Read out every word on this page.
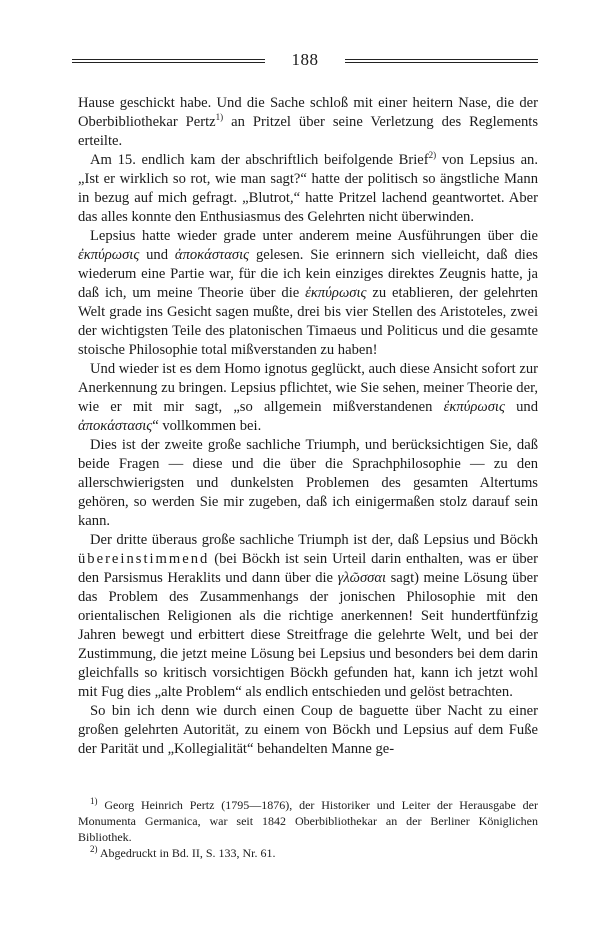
188

Hause geschickt habe. Und die Sache schloß mit einer heitern Nase, die der Oberbibliothekar Pertz$^{1)}$ an Pritzel über seine Verletzung des Reglements erteilte.

Am 15. endlich kam der abschriftlich beifolgende Brief$^{2)}$ von Lepsius an. „Ist er wirklich so rot, wie man sagt?“ hatte der politisch so ängstliche Mann in bezug auf mich gefragt. „Blutrot,“ hatte Pritzel lachend geantwortet. Aber das alles konnte den Enthusiasmus des Gelehrten nicht überwinden.

Lepsius hatte wieder grade unter anderem meine Ausführungen über die ἐκπύρωσις und ἀποκάστασις gelesen. Sie erinnern sich vielleicht, daß dies wiederum eine Partie war, für die ich kein einziges direktes Zeugnis hatte, ja daß ich, um meine Theorie über die ἐκπύρωσις zu etablieren, der gelehrten Welt grade ins Gesicht sagen mußte, drei bis vier Stellen des Aristoteles, zwei der wichtigsten Teile des platonischen Timaeus und Politicus und die gesamte stoische Philosophie total mißverstanden zu haben!

Und wieder ist es dem Homo ignotus geglückt, auch diese Ansicht sofort zur Anerkennung zu bringen. Lepsius pflichtet, wie Sie sehen, meiner Theorie der, wie er mit mir sagt, „so allgemein mißverstandenen ἐκπύρωσις und ἀποκάστασις“ vollkommen bei.

Dies ist der zweite große sachliche Triumph, und berücksichtigen Sie, daß beide Fragen — diese und die über die Sprachphilosophie — zu den allerschwierigsten und dunkelsten Problemen des gesamten Altertums gehören, so werden Sie mir zugeben, daß ich einigermaßen stolz darauf sein kann.

Der dritte überaus große sachliche Triumph ist der, daß Lepsius und Böckh übereinstimmend (bei Böckh ist sein Urteil darin enthalten, was er über den Parsismus Heraklits und dann über die γλῶσσαι sagt) meine Lösung über das Problem des Zusammenhangs der jonischen Philosophie mit den orientalischen Religionen als die richtige anerkennen! Seit hundertfünfzig Jahren bewegt und erbittert diese Streitfrage die gelehrte Welt, und bei der Zustimmung, die jetzt meine Lösung bei Lepsius und besonders bei dem darin gleichfalls so kritisch vorsichtigen Böckh gefunden hat, kann ich jetzt wohl mit Fug dies „alte Problem“ als endlich entschieden und gelöst betrachten.

So bin ich denn wie durch einen Coup de baguette über Nacht zu einer großen gelehrten Autorität, zu einem von Böckh und Lepsius auf dem Fuße der Parität und „Kollegialität“ behandelten Manne ge-

$^{1)}$ Georg Heinrich Pertz (1795—1876), der Historiker und Leiter der Herausgabe der Monumenta Germanica, war seit 1842 Oberbibliothekar an der Berliner Königlichen Bibliothek.

$^{2)}$ Abgedruckt in Bd. II, S. 133, Nr. 61.
